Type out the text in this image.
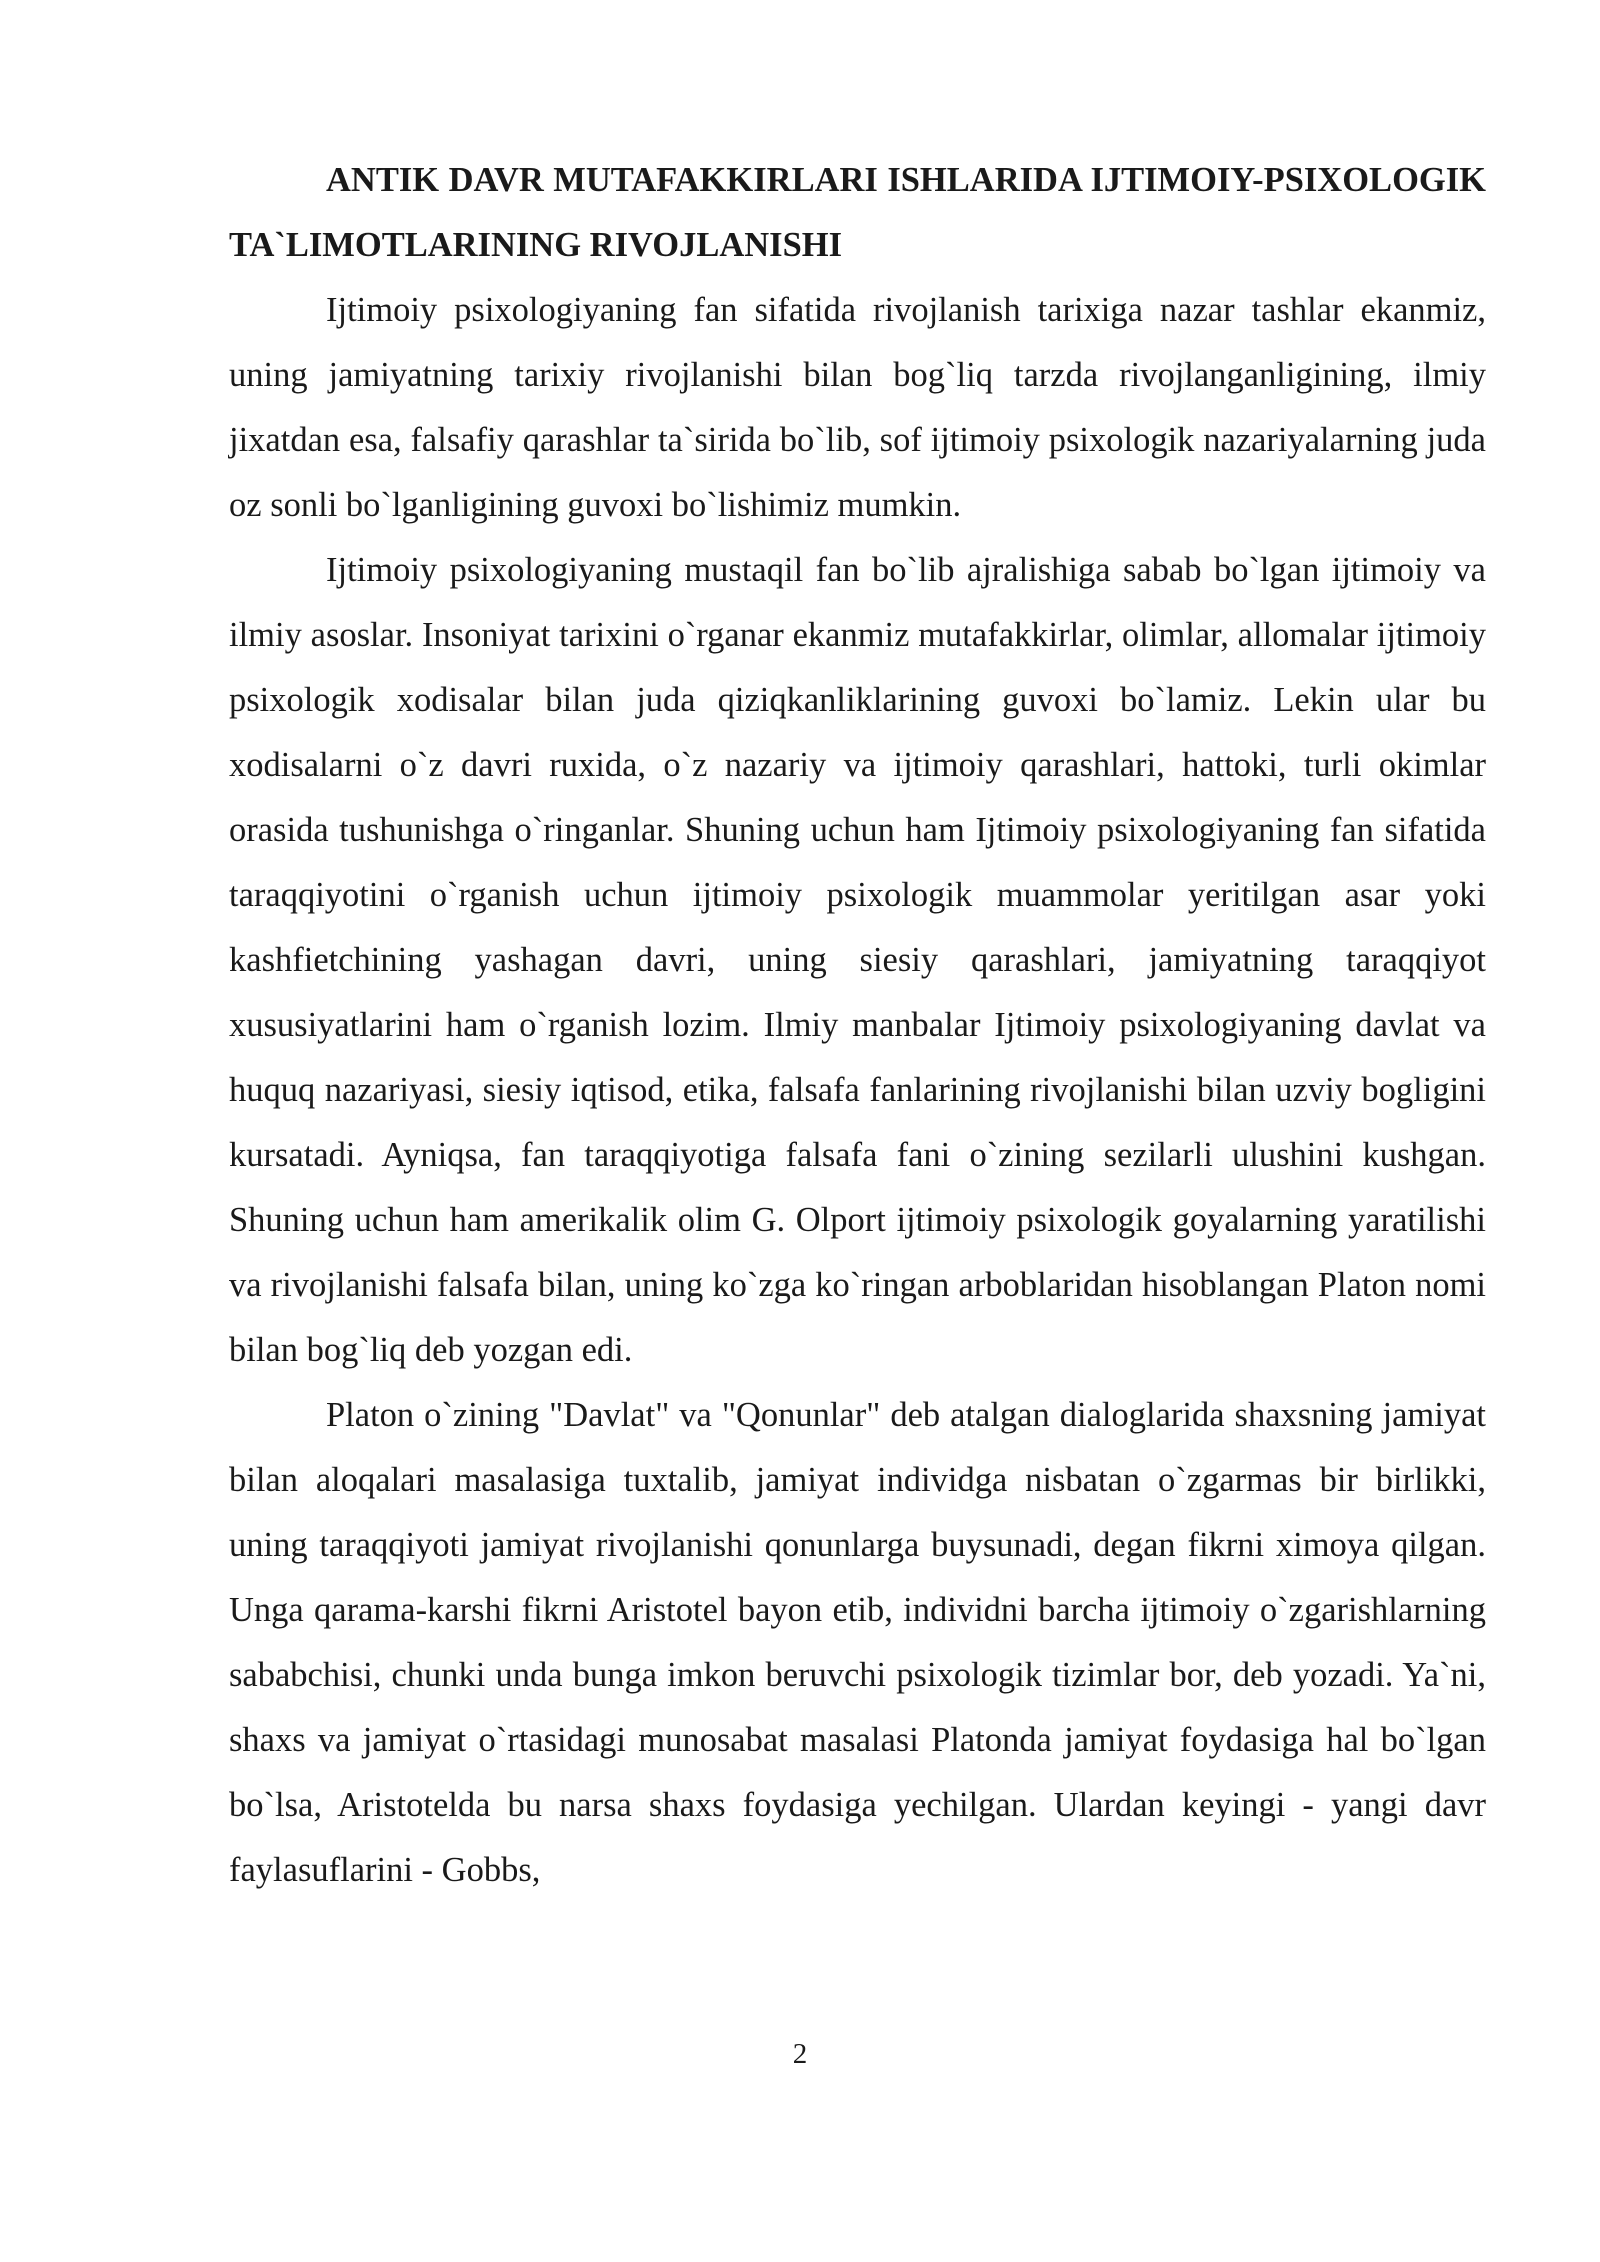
ANTIK DAVR MUTAFAKKIRLARI ISHLARIDA IJTIMOIY-PSIXOLOGIK TA`LIMOTLARINING RIVOJLANISHI

Ijtimoiy psixologiyaning fan sifatida rivojlanish tarixiga nazar tashlar ekanmiz, uning jamiyatning tarixiy rivojlanishi bilan bog`liq tarzda rivojlanganligining, ilmiy jixatdan esa, falsafiy qarashlar ta`sirida bo`lib, sof ijtimoiy psixologik nazariyalarning juda oz sonli bo`lganligining guvoxi bo`lishimiz mumkin.

Ijtimoiy psixologiyaning mustaqil fan bo`lib ajralishiga sabab bo`lgan ijtimoiy va ilmiy asoslar. Insoniyat tarixini o`rganar ekanmiz mutafakkirlar, olimlar, allomalar ijtimoiy psixologik xodisalar bilan juda qiziqkanliklarining guvoxi bo`lamiz. Lekin ular bu xodisalarni o`z davri ruxida, o`z nazariy va ijtimoiy qarashlari, hattoki, turli okimlar orasida tushunishga o`ringanlar. Shuning uchun ham Ijtimoiy psixologiyaning fan sifatida taraqqiyotini o`rganish uchun ijtimoiy psixologik muammolar yeritilgan asar yoki kashfietchining yashagan davri, uning siesiy qarashlari, jamiyatning taraqqiyot xususiyatlarini ham o`rganish lozim. Ilmiy manbalar Ijtimoiy psixologiyaning davlat va huquq nazariyasi, siesiy iqtisod, etika, falsafa fanlarining rivojlanishi bilan uzviy bogligini kursatadi. Ayniqsa, fan taraqqiyotiga falsafa fani o`zining sezilarli ulushini kushgan. Shuning uchun ham amerikalik olim G. Olport ijtimoiy psixologik goyalarning yaratilishi va rivojlanishi falsafa bilan, uning ko`zga ko`ringan arboblaridan hisoblangan Platon nomi bilan bog`liq deb yozgan edi.

Platon o`zining "Davlat" va "Qonunlar" deb atalgan dialoglarida shaxsning jamiyat bilan aloqalari masalasiga tuxtalib, jamiyat individga nisbatan o`zgarmas bir birlikki, uning taraqqiyoti jamiyat rivojlanishi qonunlarga buysunadi, degan fikrni ximoya qilgan. Unga qarama-karshi fikrni Aristotel bayon etib, individni barcha ijtimoiy o`zgarishlarning sababchisi, chunki unda bunga imkon beruvchi psixologik tizimlar bor, deb yozadi. Ya`ni, shaxs va jamiyat o`rtasidagi munosabat masalasi Platonda jamiyat foydasiga hal bo`lgan bo`lsa, Aristotelda bu narsa shaxs foydasiga yechilgan. Ulardan keyingi - yangi davr faylasuflarini - Gobbs,

2
